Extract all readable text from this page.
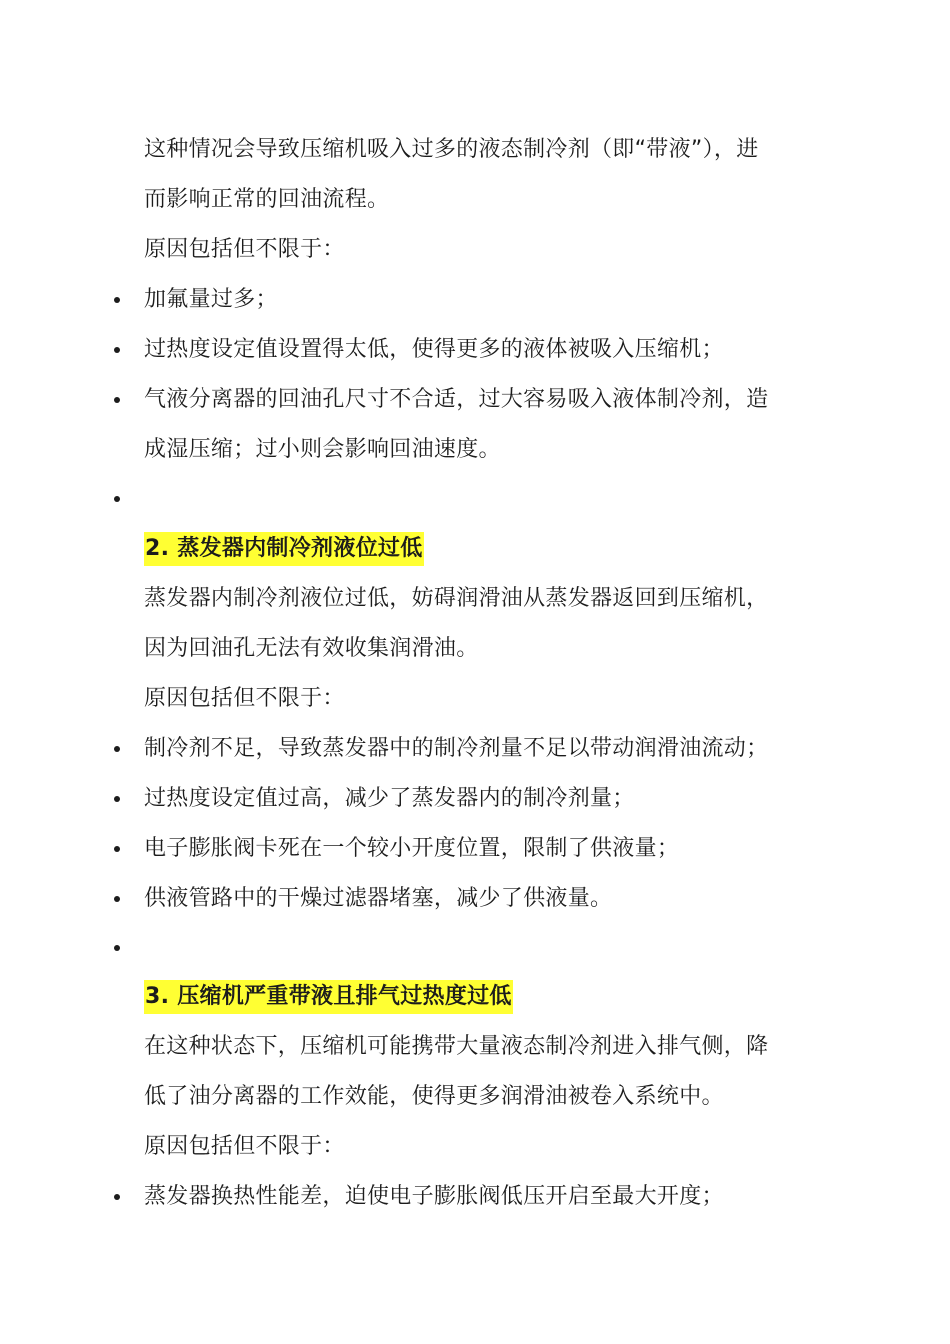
这种情况会导致压缩机吸入过多的液态制冷剂（即“带液”），进
而影响正常的回油流程。
原因包括但不限于：
加氟量过多；
过热度设定值设置得太低，使得更多的液体被吸入压缩机；
气液分离器的回油孔尺寸不合适，过大容易吸入液体制冷剂，造
成湿压缩；过小则会影响回油速度。
2. 蒸发器内制冷剂液位过低
蒸发器内制冷剂液位过低，妨碍润滑油从蒸发器返回到压缩机，
因为回油孔无法有效收集润滑油。
原因包括但不限于：
制冷剂不足，导致蒸发器中的制冷剂量不足以带动润滑油流动；
过热度设定值过高，减少了蒸发器内的制冷剂量；
电子膨胀阀卡死在一个较小开度位置，限制了供液量；
供液管路中的干燥过滤器堵塞，减少了供液量。
3. 压缩机严重带液且排气过热度过低
在这种状态下，压缩机可能携带大量液态制冷剂进入排气侧，降
低了油分离器的工作效能，使得更多润滑油被卷入系统中。
原因包括但不限于：
蒸发器换热性能差，迫使电子膨胀阀低压开启至最大开度；
